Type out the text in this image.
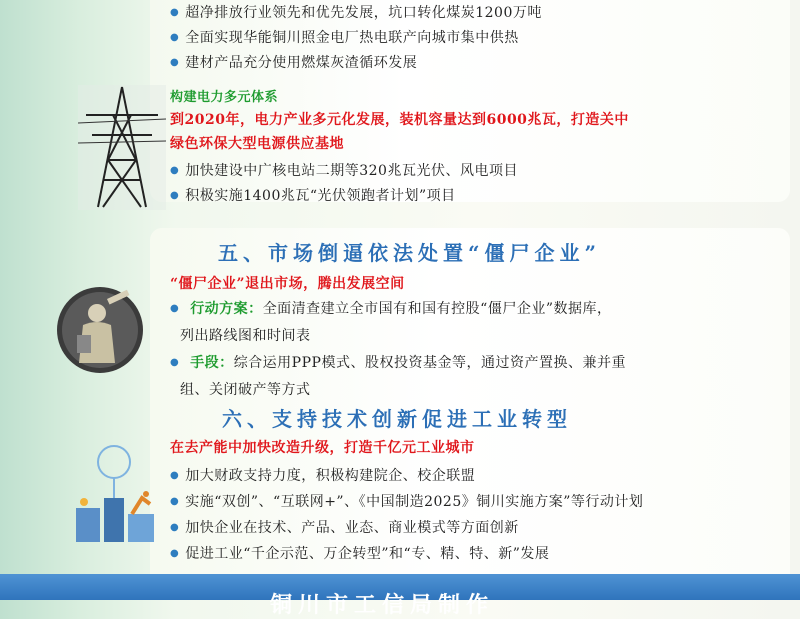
● 超净排放行业领先和优先发展，坑口转化煤炭1200万吨
● 全面实现华能铜川照金电厂热电联产向城市集中供热
● 建材产品充分使用燃煤灰渣循环发展
构建电力多元体系
到2020年，电力产业多元化发展，装机容量达到6000兆瓦，打造关中
绿色环保大型电源供应基地
● 加快建设中广核电站二期等320兆瓦光伏、风电项目
● 积极实施1400兆瓦“光伏领跑者计划”项目
五、市场倒逼依法处置“僵尸企业”
“僵尸企业”退出市场，腾出发展空间
● 行动方案：全面清查建立全市国有和国有控股“僵尸企业”数据库，
列出路线图和时间表
● 手段：综合运用PPP模式、股权投资基金等，通过资产置换、兼并重
组、关闭破产等方式
六、支持技术创新促进工业转型
在去产能中加快改造升级，打造千亿元工业城市
● 加大财政支持力度，积极构建院企、校企联盟
● 实施“双创”、“互联网+”、《中国制造2025》铜川实施方案”等行动计划
● 加快企业在技术、产品、业态、商业模式等方面创新
● 促进工业“千企示范、万企转型”和“专、精、特、新”发展
铜川市工信局制作
